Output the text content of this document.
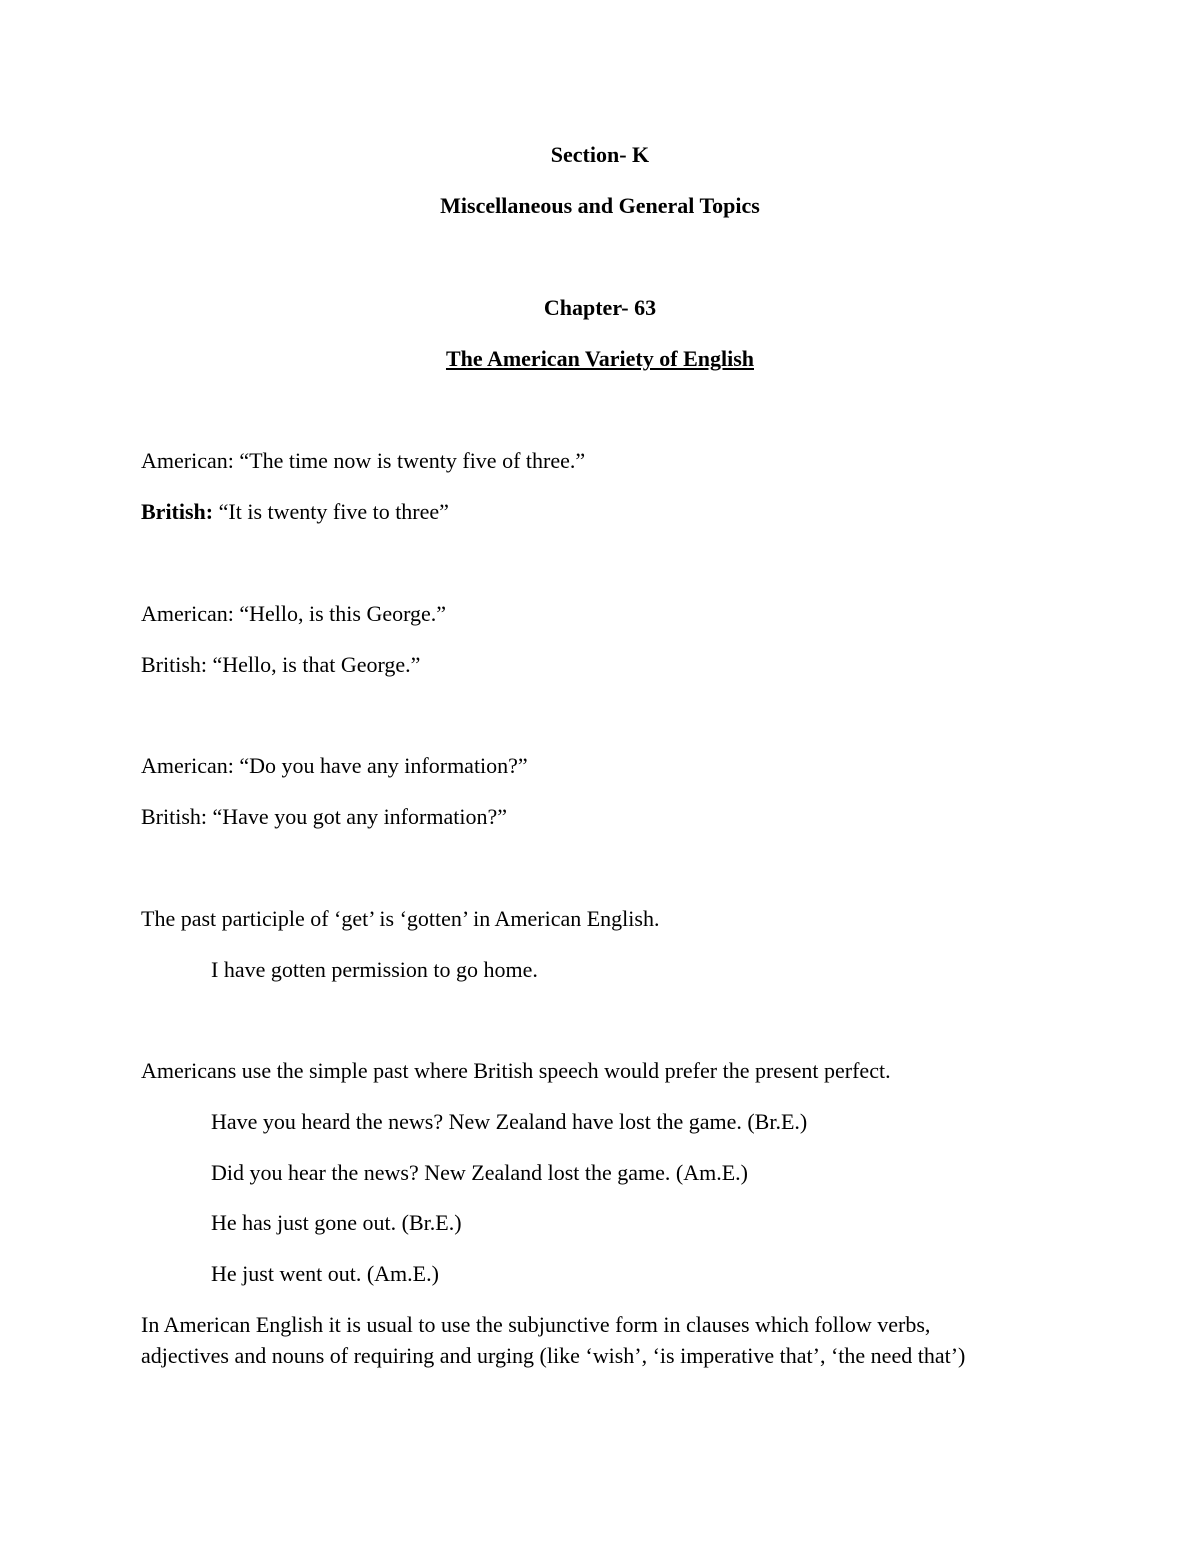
Section- K
Miscellaneous and General Topics
Chapter- 63
The American Variety of English
American: “The time now is twenty five of three.”
British: “It is twenty five to three”
American: “Hello, is this George.”
British: “Hello, is that George.”
American: “Do you have any information?”
British: “Have you got any information?”
The past participle of ‘get’ is ‘gotten’ in American English.
I have gotten permission to go home.
Americans use the simple past where British speech would prefer the present perfect.
Have you heard the news? New Zealand have lost the game. (Br.E.)
Did you hear the news? New Zealand lost the game. (Am.E.)
He has just gone out. (Br.E.)
He just went out. (Am.E.)
In American English it is usual to use the subjunctive form in clauses which follow verbs,
adjectives and nouns of requiring and urging (like ‘wish’, ‘is imperative that’, ‘the need that’)
